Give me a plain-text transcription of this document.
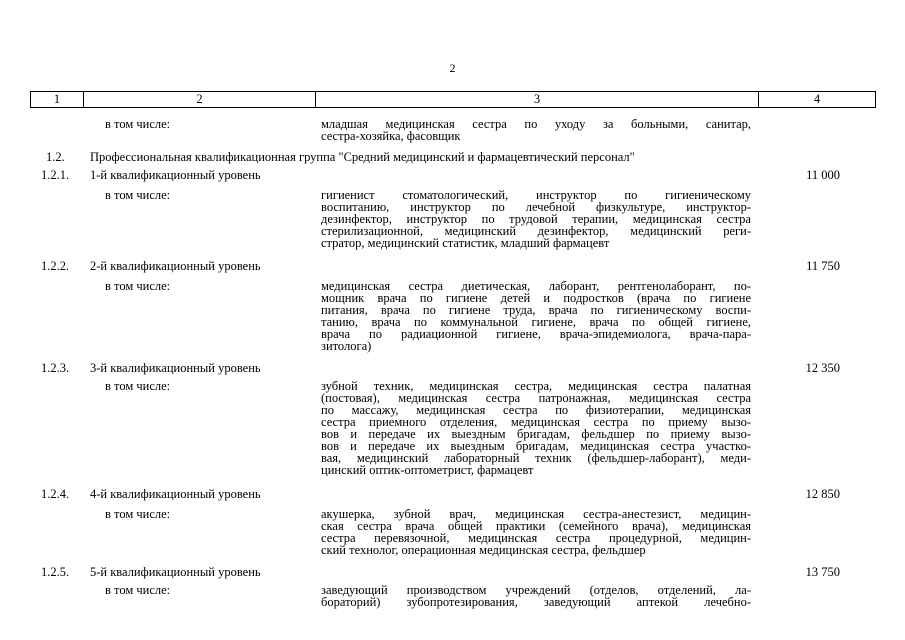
2
1	2	3	4
в том числе:	младшая медицинская сестра по уходу за больными, санитар,
сестра-хозяйка, фасовщик
1.2. Профессиональная квалификационная группа "Средний медицинский и фармацевтический персонал"
1.2.1. 1-й квалификационный уровень	11 000
в том числе:	гигиенист стоматологический, инструктор по гигиеническому
воспитанию, инструктор по лечебной физкультуре, инструктор-
дезинфектор, инструктор по трудовой терапии, медицинская сестра
стерилизационной, медицинский дезинфектор, медицинский реги-
стратор, медицинский статистик, младший фармацевт
1.2.2. 2-й квалификационный уровень	11 750
в том числе:	медицинская сестра диетическая, лаборант, рентгенолаборант, по-
мощник врача по гигиене детей и подростков (врача по гигиене
питания, врача по гигиене труда, врача по гигиеническому воспи-
танию, врача по коммунальной гигиене, врача по общей гигиене,
врача по радиационной гигиене, врача-эпидемиолога, врача-пара-
зитолога)
1.2.3. 3-й квалификационный уровень	12 350
в том числе:	зубной техник, медицинская сестра, медицинская сестра палатная
(постовая), медицинская сестра патронажная, медицинская сестра
по массажу, медицинская сестра по физиотерапии, медицинская
сестра приемного отделения, медицинская сестра по приему вызо-
вов и передаче их выездным бригадам, фельдшер по приему вызо-
вов и передаче их выездным бригадам, медицинская сестра участко-
вая, медицинский лабораторный техник (фельдшер-лаборант), меди-
цинский оптик-оптометрист, фармацевт
1.2.4. 4-й квалификационный уровень	12 850
в том числе:	акушерка, зубной врач, медицинская сестра-анестезист, медицин-
ская сестра врача общей практики (семейного врача), медицинская
сестра перевязочной, медицинская сестра процедурной, медицин-
ский технолог, операционная медицинская сестра, фельдшер
1.2.5. 5-й квалификационный уровень	13 750
в том числе:	заведующий производством учреждений (отделов, отделений, ла-
бораторий) зубопротезирования, заведующий аптекой лечебно-
